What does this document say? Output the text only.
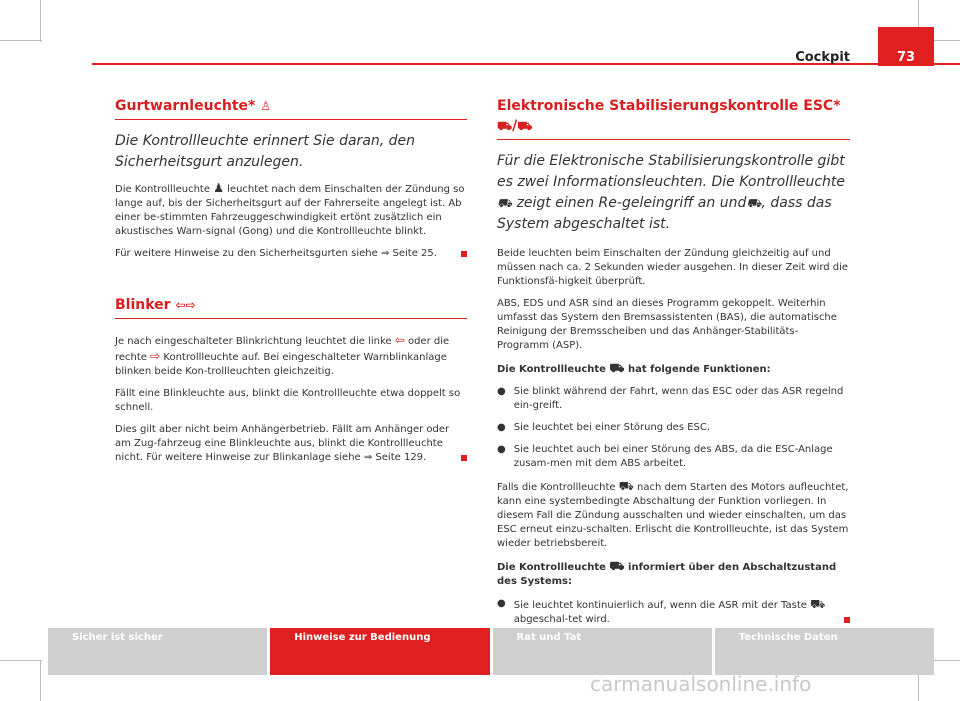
Cockpit	73
Gurtwarnleuchte* ♙
Die Kontrollleuchte erinnert Sie daran, den Sicherheitsgurt anzulegen.

Die Kontrollleuchte ♟ leuchtet nach dem Einschalten der Zündung so lange auf, bis der Sicherheitsgurt auf der Fahrerseite angelegt ist. Ab einer be-stimmten Fahrzeuggeschwindigkeit ertönt zusätzlich ein akustisches Warn-signal (Gong) und die Kontrollleuchte blinkt.

Für weitere Hinweise zu den Sicherheitsgurten siehe ⇒ Seite 25.

Blinker ⇦⇨

Je nach eingeschalteter Blinkrichtung leuchtet die linke ⇦ oder die rechte ⇨ Kontrollleuchte auf. Bei eingeschalteter Warnblinkanlage blinken beide Kon-trollleuchten gleichzeitig.

Fällt eine Blinkleuchte aus, blinkt die Kontrollleuchte etwa doppelt so schnell.

Dies gilt aber nicht beim Anhängerbetrieb. Fällt am Anhänger oder am Zug-fahrzeug eine Blinkleuchte aus, blinkt die Kontrollleuchte nicht. Für weitere Hinweise zur Blinkanlage siehe ⇒ Seite 129.

Elektronische Stabilisierungskontrolle ESC* ⛟/⛟
Für die Elektronische Stabilisierungskontrolle gibt es zwei Informationsleuchten. Die Kontrollleuchte ⛟ zeigt einen Re-geleingriff an und⛟, dass das System abgeschaltet ist.

Beide leuchten beim Einschalten der Zündung gleichzeitig auf und müssen nach ca. 2 Sekunden wieder ausgehen. In dieser Zeit wird die Funktionsfä-higkeit überprüft.

ABS, EDS und ASR sind an dieses Programm gekoppelt. Weiterhin umfasst das System den Bremsassistenten (BAS), die automatische Reinigung der Bremsscheiben und das Anhänger-Stabilitäts-Programm (ASP).

Die Kontrollleuchte ⛟ hat folgende Funktionen:

● Sie blinkt während der Fahrt, wenn das ESC oder das ASR regelnd ein-greift.

● Sie leuchtet bei einer Störung des ESC.

● Sie leuchtet auch bei einer Störung des ABS, da die ESC-Anlage zusam-men mit dem ABS arbeitet.

Falls die Kontrollleuchte ⛟ nach dem Starten des Motors aufleuchtet, kann eine systembedingte Abschaltung der Funktion vorliegen. In diesem Fall die Zündung ausschalten und wieder einschalten, um das ESC erneut einzu-schalten. Erlischt die Kontrollleuchte, ist das System wieder betriebsbereit.

Die Kontrollleuchte ⛟ informiert über den Abschaltzustand des Systems:

● Sie leuchtet kontinuierlich auf, wenn die ASR mit der Taste ⛟ abgeschal-tet wird.

Sicher ist sicher	Hinweise zur Bedienung	Rat und Tat	Technische Daten
carmanualsonline.info
